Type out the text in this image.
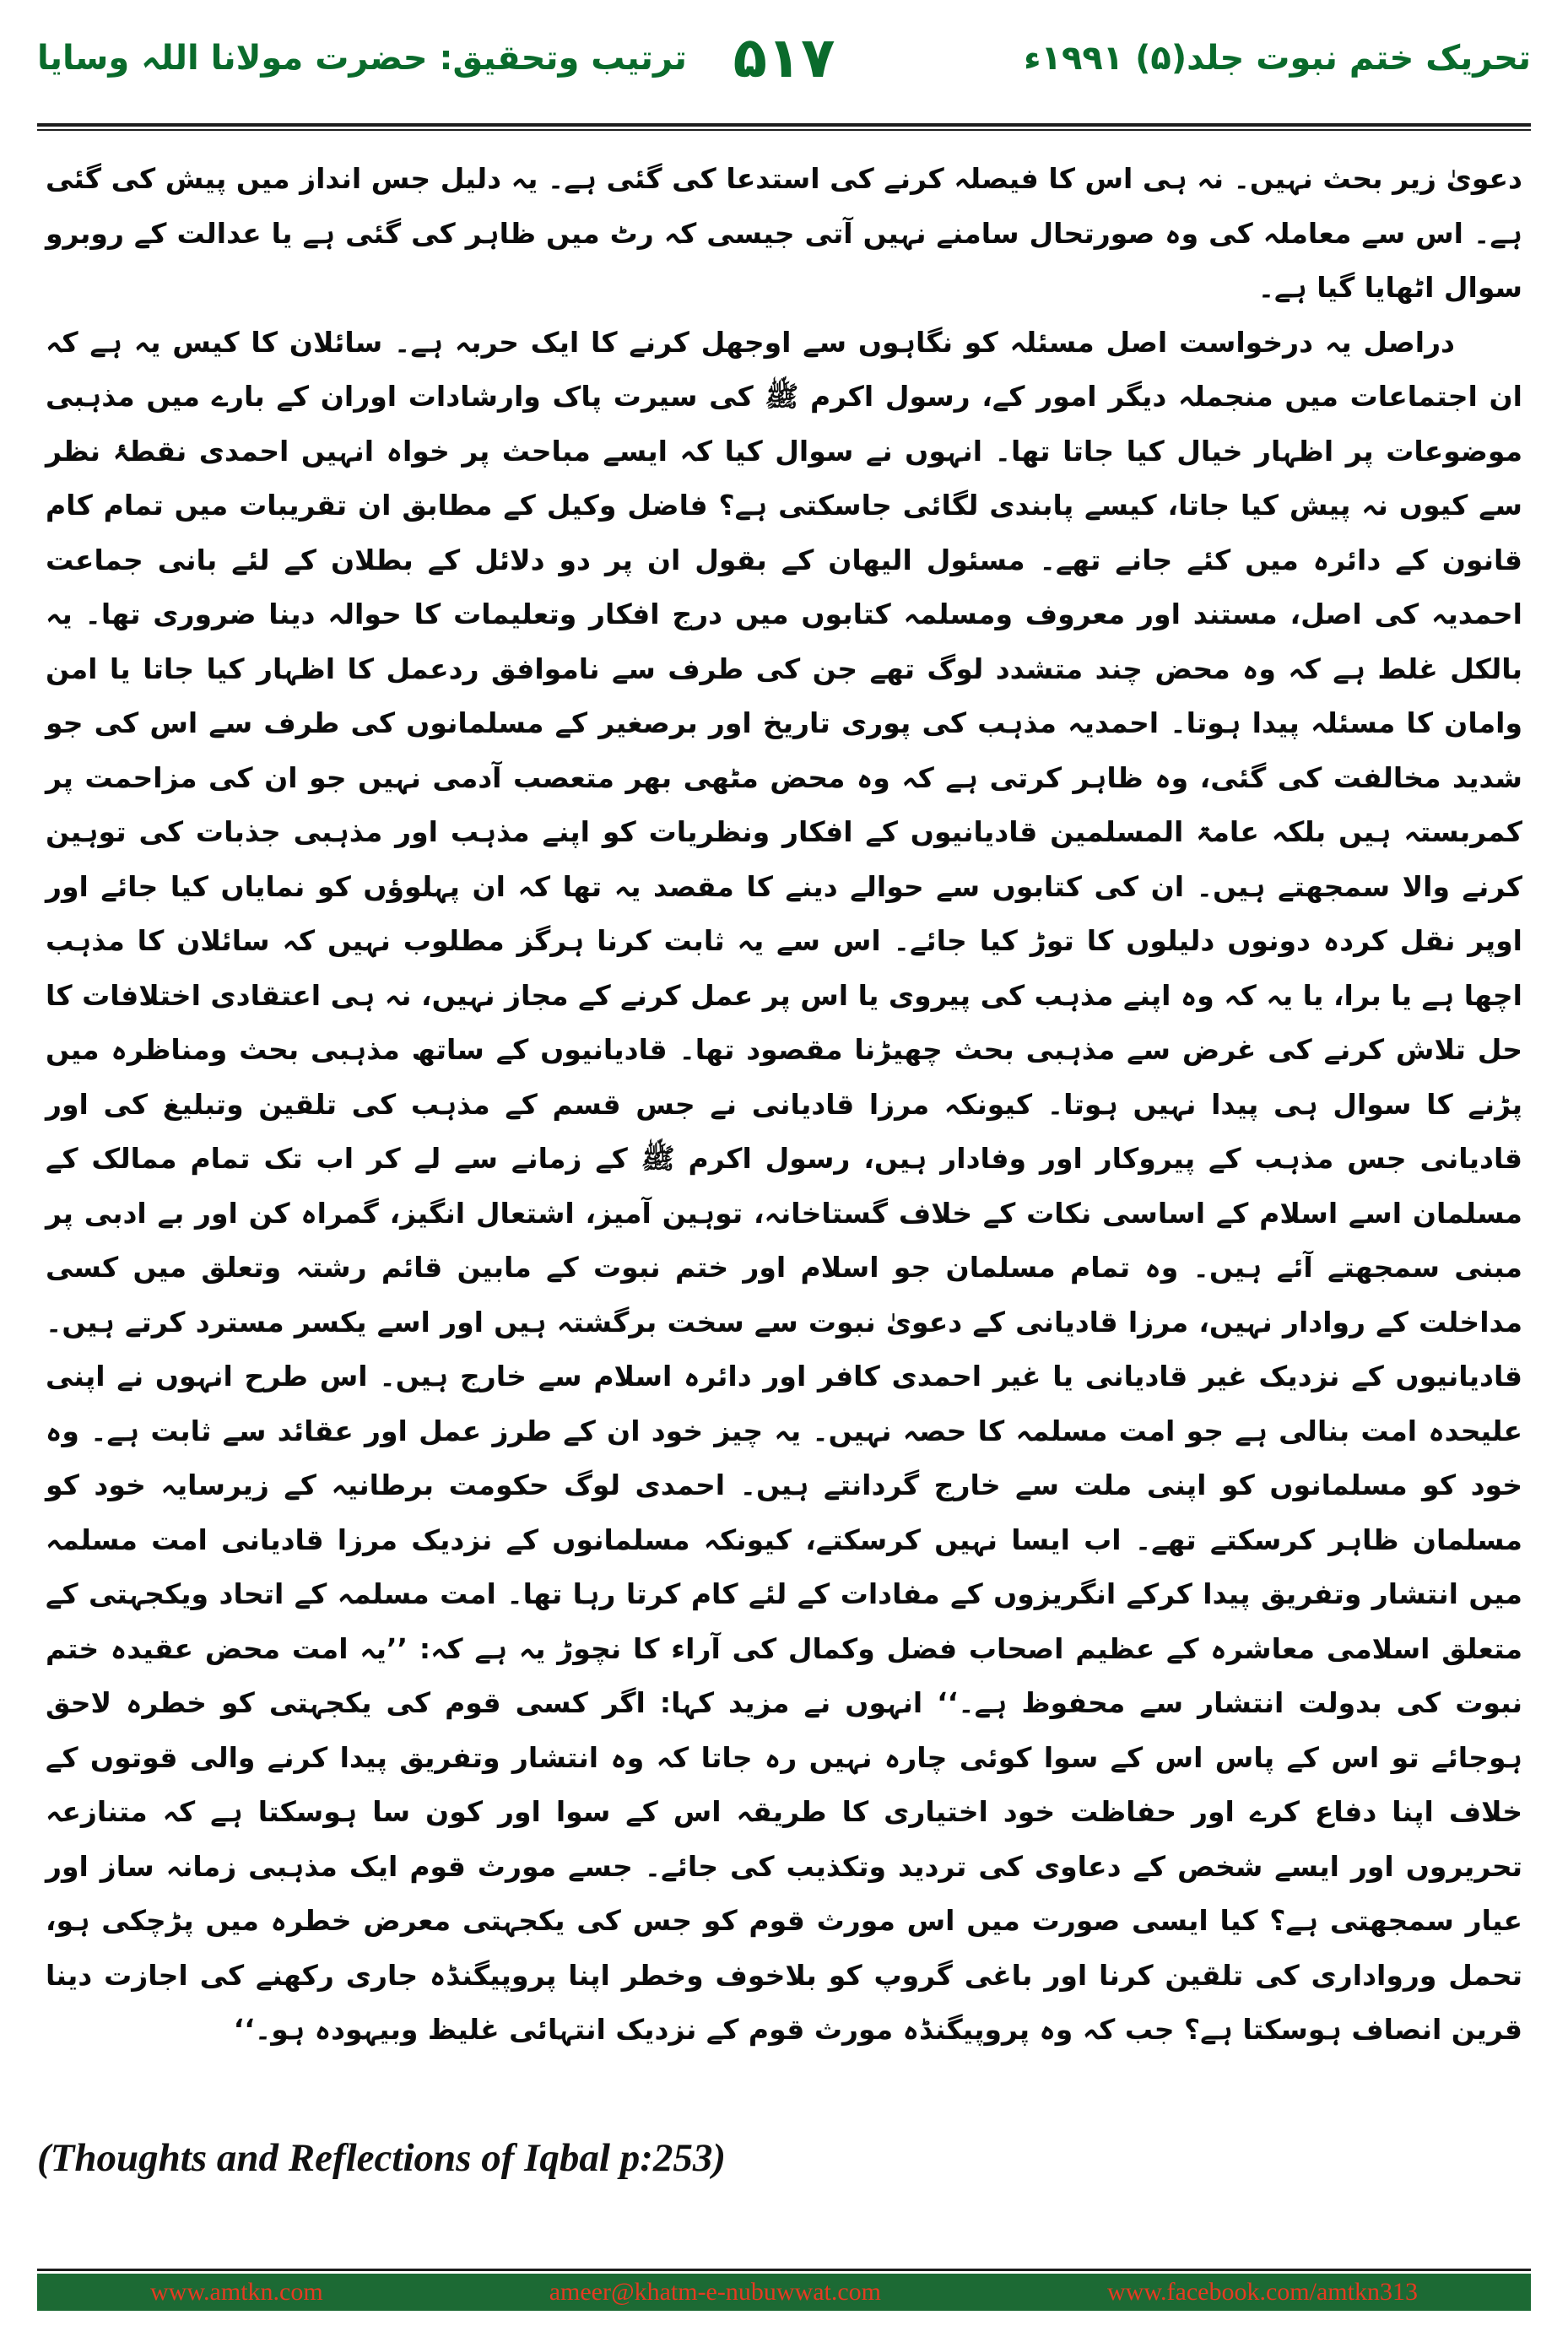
ترتیب وتحقیق: حضرت مولانا اللہ وسایا ۵۱۷	تحریک ختم نبوت جلد(۵) ۱۹۹۱ء

دعویٰ زیر بحث نہیں۔ نہ ہی اس کا فیصلہ کرنے کی استدعا کی گئی ہے۔ یہ دلیل جس انداز میں پیش کی گئی ہے۔ اس سے معاملہ کی وہ صورتحال سامنے نہیں آتی جیسی کہ رٹ میں ظاہر کی گئی ہے یا عدالت کے روبرو سوال اٹھایا گیا ہے۔

دراصل یہ درخواست اصل مسئلہ کو نگاہوں سے اوجھل کرنے کا ایک حربہ ہے۔ سائلان کا کیس یہ ہے کہ ان اجتماعات میں منجملہ دیگر امور کے، رسول اکرم ﷺ کی سیرت پاک وارشادات اوران کے بارے میں مذہبی موضوعات پر اظہار خیال کیا جاتا تھا۔ انہوں نے سوال کیا کہ ایسے مباحث پر خواہ انہیں احمدی نقطۂ نظر سے کیوں نہ پیش کیا جاتا، کیسے پابندی لگائی جاسکتی ہے؟ فاضل وکیل کے مطابق ان تقریبات میں تمام کام قانون کے دائرہ میں کئے جانے تھے۔ مسئول الیھان کے بقول ان پر دو دلائل کے بطلان کے لئے بانی جماعت احمدیہ کی اصل، مستند اور معروف ومسلمہ کتابوں میں درج افکار وتعلیمات کا حوالہ دینا ضروری تھا۔ یہ بالکل غلط ہے کہ وہ محض چند متشدد لوگ تھے جن کی طرف سے ناموافق ردعمل کا اظہار کیا جاتا یا امن وامان کا مسئلہ پیدا ہوتا۔ احمدیہ مذہب کی پوری تاریخ اور برصغیر کے مسلمانوں کی طرف سے اس کی جو شدید مخالفت کی گئی، وہ ظاہر کرتی ہے کہ وہ محض مٹھی بھر متعصب آدمی نہیں جو ان کی مزاحمت پر کمربستہ ہیں بلکہ عامۃ المسلمین قادیانیوں کے افکار ونظریات کو اپنے مذہب اور مذہبی جذبات کی توہین کرنے والا سمجھتے ہیں۔ ان کی کتابوں سے حوالے دینے کا مقصد یہ تھا کہ ان پہلوؤں کو نمایاں کیا جائے اور اوپر نقل کردہ دونوں دلیلوں کا توڑ کیا جائے۔ اس سے یہ ثابت کرنا ہرگز مطلوب نہیں کہ سائلان کا مذہب اچھا ہے یا برا، یا یہ کہ وہ اپنے مذہب کی پیروی یا اس پر عمل کرنے کے مجاز نہیں، نہ ہی اعتقادی اختلافات کا حل تلاش کرنے کی غرض سے مذہبی بحث چھیڑنا مقصود تھا۔ قادیانیوں کے ساتھ مذہبی بحث ومناظرہ میں پڑنے کا سوال ہی پیدا نہیں ہوتا۔ کیونکہ مرزا قادیانی نے جس قسم کے مذہب کی تلقین وتبلیغ کی اور قادیانی جس مذہب کے پیروکار اور وفادار ہیں، رسول اکرم ﷺ کے زمانے سے لے کر اب تک تمام ممالک کے مسلمان اسے اسلام کے اساسی نکات کے خلاف گستاخانہ، توہین آمیز، اشتعال انگیز، گمراہ کن اور بے ادبی پر مبنی سمجھتے آئے ہیں۔ وہ تمام مسلمان جو اسلام اور ختم نبوت کے مابین قائم رشتہ وتعلق میں کسی مداخلت کے روادار نہیں، مرزا قادیانی کے دعویٰ نبوت سے سخت برگشتہ ہیں اور اسے یکسر مسترد کرتے ہیں۔ قادیانیوں کے نزدیک غیر قادیانی یا غیر احمدی کافر اور دائرہ اسلام سے خارج ہیں۔ اس طرح انہوں نے اپنی علیحدہ امت بنالی ہے جو امت مسلمہ کا حصہ نہیں۔ یہ چیز خود ان کے طرز عمل اور عقائد سے ثابت ہے۔ وہ خود کو مسلمانوں کو اپنی ملت سے خارج گردانتے ہیں۔ احمدی لوگ حکومت برطانیہ کے زیرسایہ خود کو مسلمان ظاہر کرسکتے تھے۔ اب ایسا نہیں کرسکتے، کیونکہ مسلمانوں کے نزدیک مرزا قادیانی امت مسلمہ میں انتشار وتفریق پیدا کرکے انگریزوں کے مفادات کے لئے کام کرتا رہا تھا۔ امت مسلمہ کے اتحاد ویکجہتی کے متعلق اسلامی معاشرہ کے عظیم اصحاب فضل وکمال کی آراء کا نچوڑ یہ ہے کہ: ’’یہ امت محض عقیدہ ختم نبوت کی بدولت انتشار سے محفوظ ہے۔‘‘ انہوں نے مزید کہا: اگر کسی قوم کی یکجہتی کو خطرہ لاحق ہوجائے تو اس کے پاس اس کے سوا کوئی چارہ نہیں رہ جاتا کہ وہ انتشار وتفریق پیدا کرنے والی قوتوں کے خلاف اپنا دفاع کرے اور حفاظت خود اختیاری کا طریقہ اس کے سوا اور کون سا ہوسکتا ہے کہ متنازعہ تحریروں اور ایسے شخص کے دعاوی کی تردید وتکذیب کی جائے۔ جسے مورث قوم ایک مذہبی زمانہ ساز اور عیار سمجھتی ہے؟ کیا ایسی صورت میں اس مورث قوم کو جس کی یکجہتی معرض خطرہ میں پڑچکی ہو، تحمل ورواداری کی تلقین کرنا اور باغی گروپ کو بلاخوف وخطر اپنا پروپیگنڈہ جاری رکھنے کی اجازت دینا قرین انصاف ہوسکتا ہے؟ جب کہ وہ پروپیگنڈہ مورث قوم کے نزدیک انتہائی غلیظ وبیہودہ ہو۔‘‘

(Thoughts and Reflections of Iqbal p:253)
www.amtkn.com	ameer@khatm-e-nubuwwat.com	www.facebook.com/amtkn313
